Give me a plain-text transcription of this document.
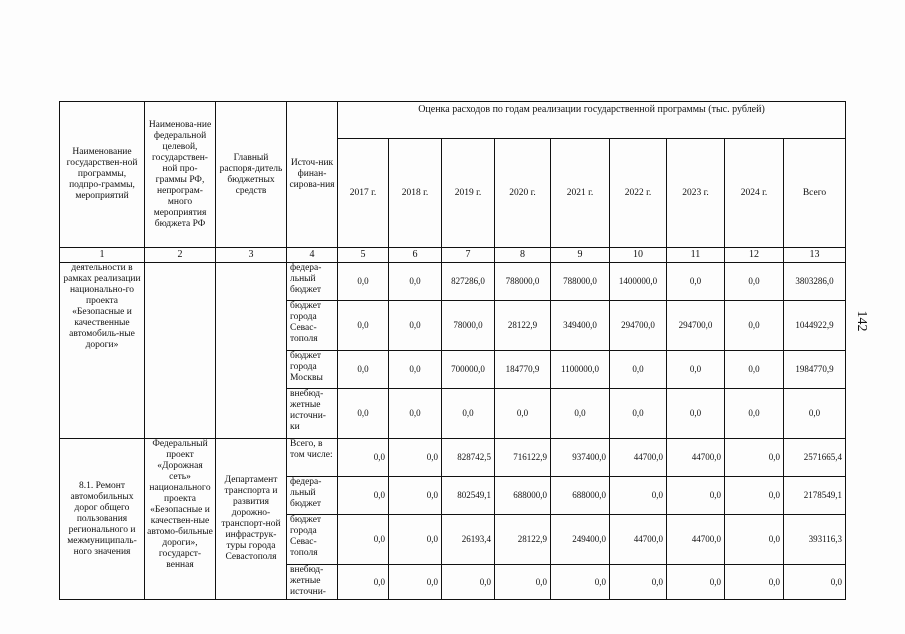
Наименование государствен-ной программы, подпро-граммы, мероприятий	Наименова-ние федеральной целевой, государствен-ной про-граммы РФ, непрограм-много мероприятия бюджета РФ	Главный распоря-дитель бюджетных средств	Источ-ник финан-сирова-ния	Оценка расходов по годам реализации государственной программы (тыс. рублей)								
				2017 г.	2018 г.	2019 г.	2020 г.	2021 г.	2022 г.	2023 г.	2024 г.	Всего
1	2	3	4	5	6	7	8	9	10	11	12	13
деятельности в рамках реализации национально-го проекта «Безопасные и качественные автомобиль-ные дороги»			федера-льный бюджет	0,0	0,0	827286,0	788000,0	788000,0	1400000,0	0,0	0,0	3803286,0
			бюджет города Севас-тополя	0,0	0,0	78000,0	28122,9	349400,0	294700,0	294700,0	0,0	1044922,9
			бюджет города Москвы	0,0	0,0	700000,0	184770,9	1100000,0	0,0	0,0	0,0	1984770,9
			внебюд-жетные источни-ки	0,0	0,0	0,0	0,0	0,0	0,0	0,0	0,0	0,0
8.1. Ремонт автомобильных дорог общего пользования регионального и межмуниципаль-ного значения	Федеральный проект «Дорожная сеть» национальногo проекта «Безопасные и качествен-ные автомо-бильные дороги», государст-венная	Департамент транспорта и развития дорожно-транспорт-ной инфраструк-туры города Севастополя	Всего, в том числе:	0,0	0,0	828742,5	716122,9	937400,0	44700,0	44700,0	0,0	2571665,4
			федера-льный бюджет	0,0	0,0	802549,1	688000,0	688000,0	0,0	0,0	0,0	2178549,1
			бюджет города Севас-тополя	0,0	0,0	26193,4	28122,9	249400,0	44700,0	44700,0	0,0	393116,3
			внебюд-жетные источни-	0,0	0,0	0,0	0,0	0,0	0,0	0,0	0,0	0,0
142
